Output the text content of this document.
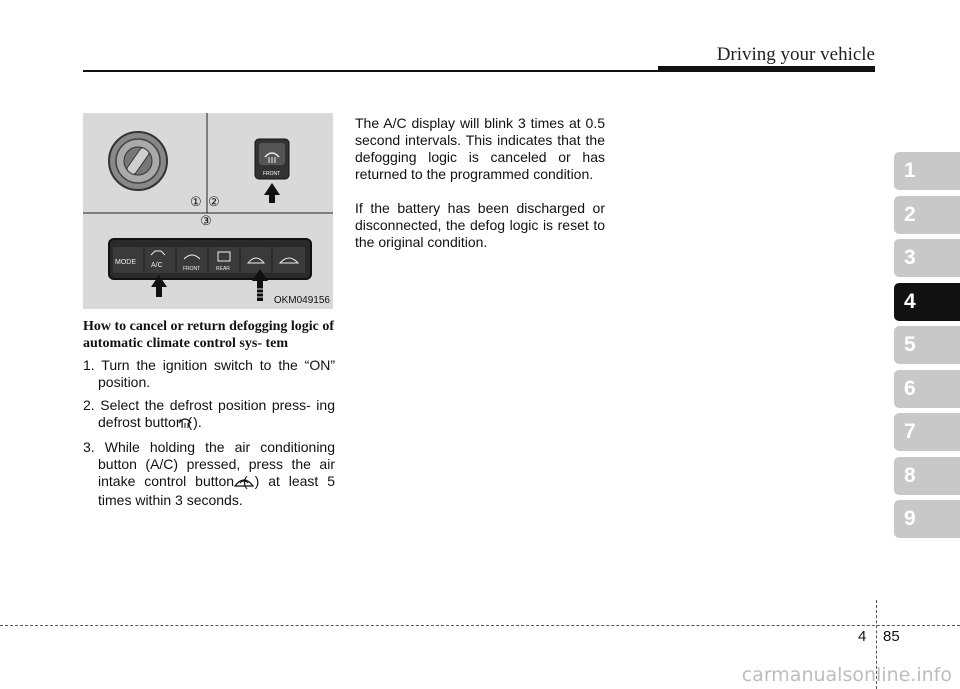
Driving your vehicle
1
2
3
4
5
6
7
8
9
FRONT
MODE A/C	FRONT	REAR
① ②
③
OKM049156

How to cancel or return defogging logic of automatic climate control sys- tem

1. Turn the ignition switch to the “ON” position.
2. Select the defrost position press- ing defrost button ().
3. While holding the air conditioning button (A/C) pressed, press the air intake control button ( ) at least 5 times within 3 seconds.

The A/C display will blink 3 times at 0.5 second intervals. This indicates that the defogging logic is canceled or has returned to the programmed condition.

If the battery has been discharged or disconnected, the defog logic is reset to the original condition.

4 85
carmanualsonline.info
